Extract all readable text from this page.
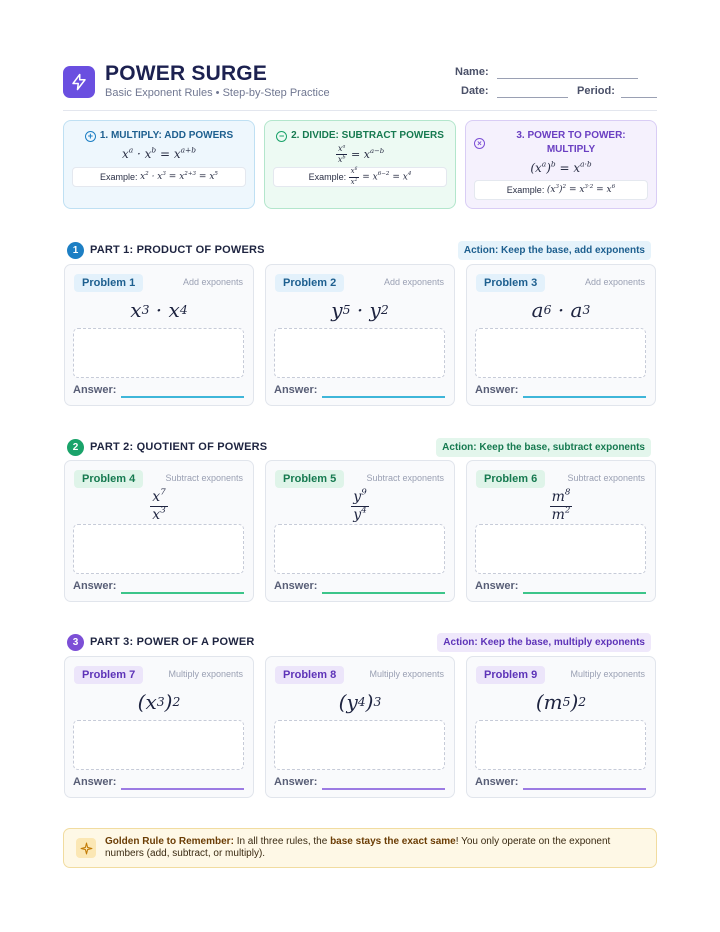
POWER SURGE
Basic Exponent Rules • Step-by-Step Practice
Name:
Date:	Period:
+ 1. MULTIPLY: ADD POWERS
$x^a \cdot x^b = x^{a+b}$
Example:
$x^2 \cdot x^3 = x^{2+3} = x^5$
− 2. DIVIDE: SUBTRACT POWERS
$\frac{x^a}{x^b} = x^{a-b}$
Example:
$\frac{x^6}{x^2} = x^{6-2} = x^4$
3. POWER TO POWER: MULTIPLY
×
$(x^a)^b = x^{a\cdot b}$
Example:
$(x^3)^2 = x^{3\cdot 2} = x^6$
1	PART 1: PRODUCT OF POWERS	Action: Keep the base, add exponents
Problem 1	Add exponents
x 3 · x 4
Answer:
Problem 2	Add exponents
y 5 · y 2
Answer:
Problem 3	Add exponents
a 6 · a 3
Answer:
2	PART 2: QUOTIENT OF POWERS	Action: Keep the base, subtract exponents
Problem 4	Subtract exponents
$\frac{x^7}{x^3}$
Answer:
Problem 5	Subtract exponents
$\frac{y^9}{y^4}$
Answer:
Problem 6	Subtract exponents
$\frac{m^8}{m^2}$
Answer:
3	PART 3: POWER OF A POWER	Action: Keep the base, multiply exponents
Problem 7	Multiply exponents
(x 3 ) 2
Answer:
Problem 8	Multiply exponents
(y 4 ) 3
Answer:
Problem 9	Multiply exponents
(m 5 ) 2
Answer:
Golden Rule to Remember: In all three rules, the base stays the exact same! You only operate on the exponent numbers (add, subtract, or multiply).
